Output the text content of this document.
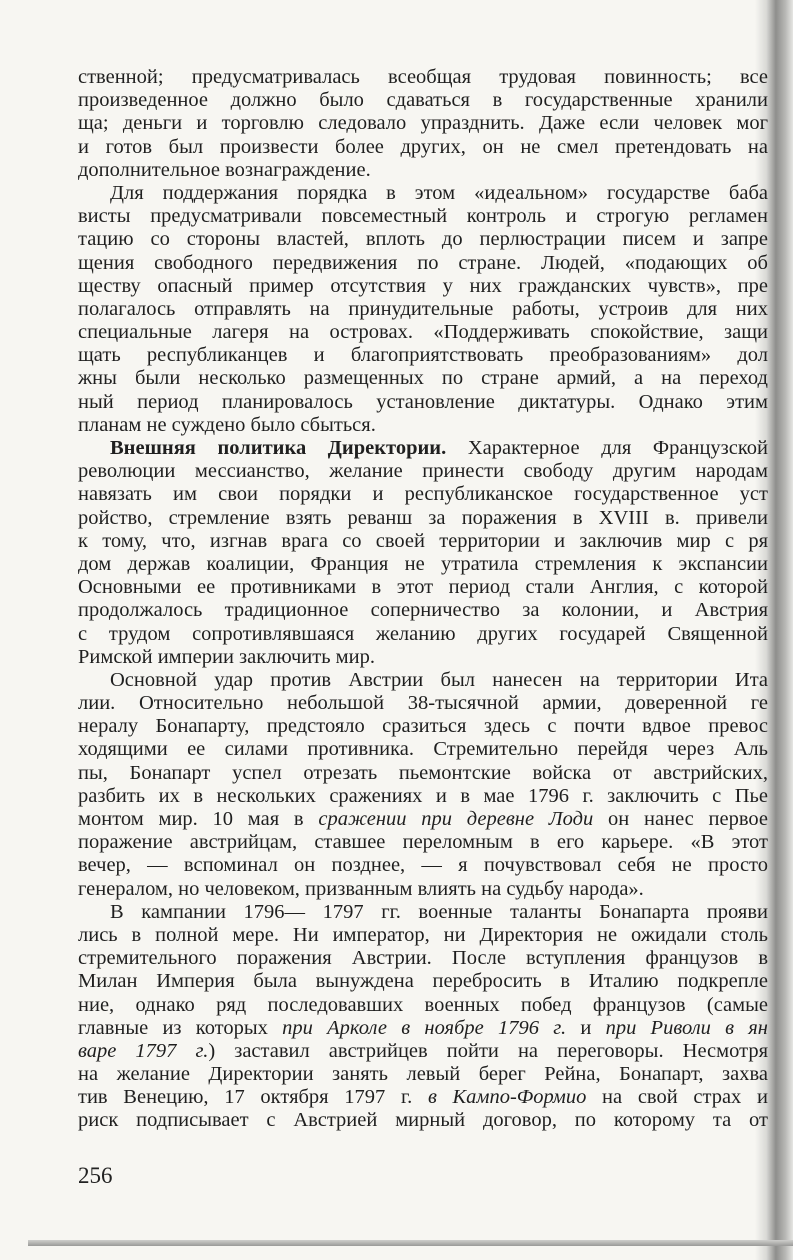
ственной; предусматривалась всеобщая трудовая повинность; все
произведенное должно было сдаваться в государственные хранили
ща; деньги и торговлю следовало упразднить. Даже если человек мог
и готов был произвести более других, он не смел претендовать на
дополнительное вознаграждение.
Для поддержания порядка в этом «идеальном» государстве баба
висты предусматривали повсеместный контроль и строгую регламен
тацию со стороны властей, вплоть до перлюстрации писем и запре
щения свободного передвижения по стране. Людей, «подающих об
ществу опасный пример отсутствия у них гражданских чувств», пре
полагалось отправлять на принудительные работы, устроив для них
специальные лагеря на островах. «Поддерживать спокойствие, защи
щать республиканцев и благоприятствовать преобразованиям» дол
жны были несколько размещенных по стране армий, а на переход
ный период планировалось установление диктатуры. Однако этим
планам не суждено было сбыться.
Внешняя политика Директории. Характерное для Французской
революции мессианство, желание принести свободу другим народам
навязать им свои порядки и республиканское государственное уст
ройство, стремление взять реванш за поражения в XVIII в. привели
к тому, что, изгнав врага со своей территории и заключив мир с ря
дом держав коалиции, Франция не утратила стремления к экспансии
Основными ее противниками в этот период стали Англия, с которой
продолжалось традиционное соперничество за колонии, и Австрия
с трудом сопротивлявшаяся желанию других государей Священной
Римской империи заключить мир.
Основной удар против Австрии был нанесен на территории Ита
лии. Относительно небольшой 38-тысячной армии, доверенной ге
нералу Бонапарту, предстояло сразиться здесь с почти вдвое превос
ходящими ее силами противника. Стремительно перейдя через Аль
пы, Бонапарт успел отрезать пьемонтские войска от австрийских,
разбить их в нескольких сражениях и в мае 1796 г. заключить с Пье
монтом мир. 10 мая в сражении при деревне Лоди он нанес первое
поражение австрийцам, ставшее переломным в его карьере. «В этот
вечер, — вспоминал он позднее, — я почувствовал себя не просто
генералом, но человеком, призванным влиять на судьбу народа».
В кампании 1796— 1797 гг. военные таланты Бонапарта прояви
лись в полной мере. Ни император, ни Директория не ожидали столь
стремительного поражения Австрии. После вступления французов в
Милан Империя была вынуждена перебросить в Италию подкрепле
ние, однако ряд последовавших военных побед французов (самые
главные из которых при Арколе в ноябре 1796 г. и при Риволи в ян
варе 1797 г.) заставил австрийцев пойти на переговоры. Несмотря
на желание Директории занять левый берег Рейна, Бонапарт, захва
тив Венецию, 17 октября 1797 г. в Кампо-Формио на свой страх и
риск подписывает с Австрией мирный договор, по которому та от
256
